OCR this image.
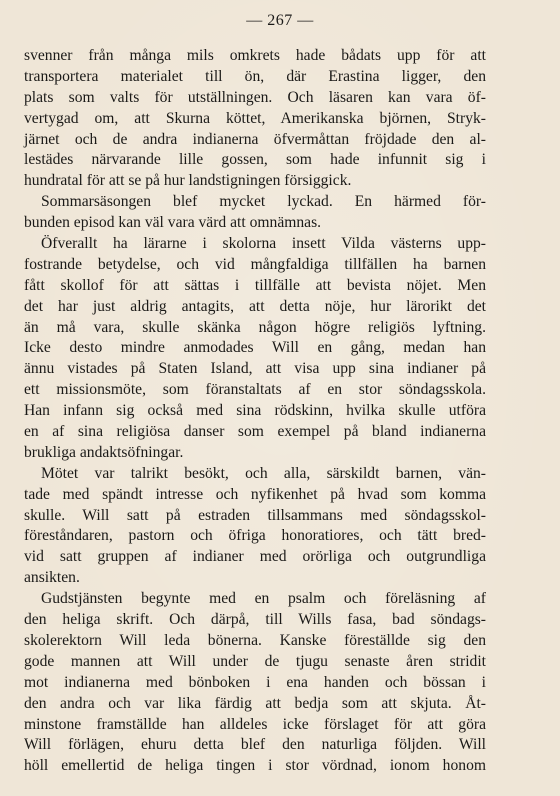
— 267 —
svenner från många mils omkrets hade bådats upp för att
transportera materialet till ön, där Erastina ligger, den
plats som valts för utställningen. Och läsaren kan vara öf-
vertygad om, att Skurna köttet, Amerikanska björnen, Stryk-
järnet och de andra indianerna öfvermåttan fröjdade den al-
lestädes närvarande lille gossen, som hade infunnit sig i
hundratal för att se på hur landstigningen försiggick.
Sommarsäsongen blef mycket lyckad. En härmed för-
bunden episod kan väl vara värd att omnämnas.
Öfverallt ha lärarne i skolorna insett Vilda västerns upp-
fostrande betydelse, och vid mångfaldiga tillfällen ha barnen
fått skollof för att sättas i tillfälle att bevista nöjet. Men
det har just aldrig antagits, att detta nöje, hur lärorikt det
än må vara, skulle skänka någon högre religiös lyftning.
Icke desto mindre anmodades Will en gång, medan han
ännu vistades på Staten Island, att visa upp sina indianer på
ett missionsmöte, som föranstaltats af en stor söndagsskola.
Han infann sig också med sina rödskinn, hvilka skulle utföra
en af sina religiösa danser som exempel på bland indianerna
brukliga andaktsöfningar.
Mötet var talrikt besökt, och alla, särskildt barnen, vän-
tade med spändt intresse och nyfikenhet på hvad som komma
skulle. Will satt på estraden tillsammans med söndagsskol-
föreståndaren, pastorn och öfriga honoratiores, och tätt bred-
vid satt gruppen af indianer med orörliga och outgrundliga
ansikten.
Gudstjänsten begynte med en psalm och föreläsning af
den heliga skrift. Och därpå, till Wills fasa, bad söndags-
skolerektorn Will leda bönerna. Kanske föreställde sig den
gode mannen att Will under de tjugu senaste åren stridit
mot indianerna med bönboken i ena handen och bössan i
den andra och var lika färdig att bedja som att skjuta. Åt-
minstone framställde han alldeles icke förslaget för att göra
Will förlägen, ehuru detta blef den naturliga följden. Will
höll emellertid de heliga tingen i stor vördnad, ionom honom
